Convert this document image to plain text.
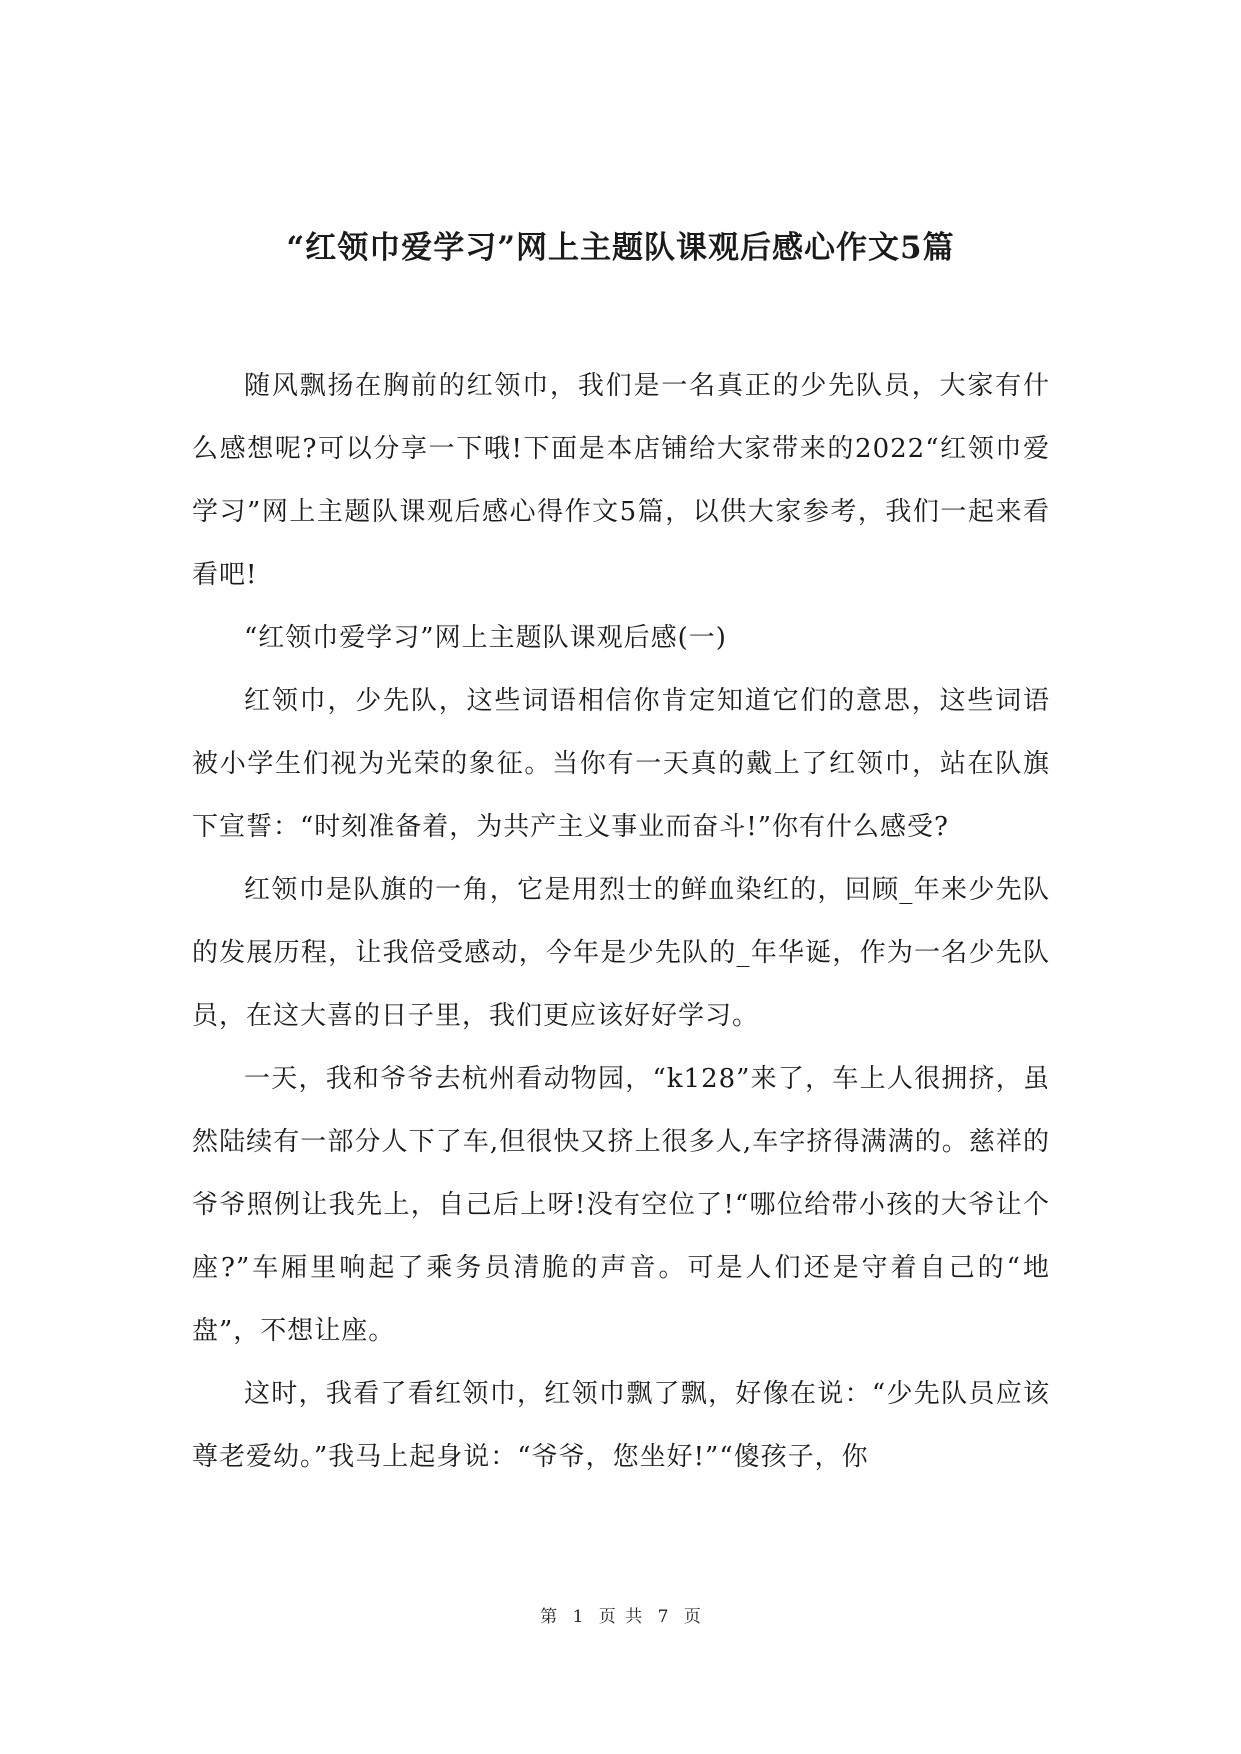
“红领巾爱学习”网上主题队课观后感心作文5篇

随风飘扬在胸前的红领巾，我们是一名真正的少先队员，大家有什么感想呢?可以分享一下哦!下面是本店铺给大家带来的2022“红领巾爱学习”网上主题队课观后感心得作文5篇，以供大家参考，我们一起来看看吧!

“红领巾爱学习”网上主题队课观后感(一)

红领巾，少先队，这些词语相信你肯定知道它们的意思，这些词语被小学生们视为光荣的象征。当你有一天真的戴上了红领巾，站在队旗下宣誓：“时刻准备着，为共产主义事业而奋斗!”你有什么感受?

红领巾是队旗的一角，它是用烈士的鲜血染红的，回顾_年来少先队的发展历程，让我倍受感动，今年是少先队的_年华诞，作为一名少先队员，在这大喜的日子里，我们更应该好好学习。

一天，我和爷爷去杭州看动物园，“k128”来了，车上人很拥挤，虽然陆续有一部分人下了车,但很快又挤上很多人,车字挤得满满的。慈祥的爷爷照例让我先上，自己后上呀!没有空位了!“哪位给带小孩的大爷让个座?”车厢里响起了乘务员清脆的声音。可是人们还是守着自己的“地盘”，不想让座。

这时，我看了看红领巾，红领巾飘了飘，好像在说：“少先队员应该尊老爱幼。”我马上起身说：“爷爷，您坐好!”“傻孩子，你

第 1 页 共 7 页
